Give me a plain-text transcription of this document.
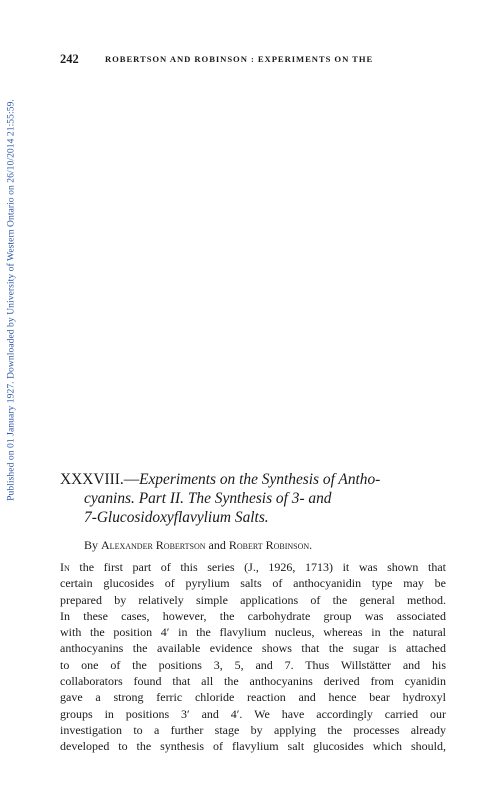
Published on 01 January 1927. Downloaded by University of Western Ontario on 26/10/2014 21:55:59.
242	ROBERTSON AND ROBINSON : EXPERIMENTS ON THE
XXXVIII.—Experiments on the Synthesis of Antho-
cyanins. Part II. The Synthesis of 3- and
7-Glucosidoxyflavylium Salts.
By Alexander Robertson and Robert Robinson.
In the first part of this series (J., 1926, 1713) it was shown that
certain glucosides of pyrylium salts of anthocyanidin type may be
prepared by relatively simple applications of the general method.
In these cases, however, the carbohydrate group was associated
with the position 4′ in the flavylium nucleus, whereas in the natural
anthocyanins the available evidence shows that the sugar is attached
to one of the positions 3, 5, and 7. Thus Willstätter and his
collaborators found that all the anthocyanins derived from cyanidin
gave a strong ferric chloride reaction and hence bear hydroxyl
groups in positions 3′ and 4′. We have accordingly carried our
investigation to a further stage by applying the processes already
developed to the synthesis of flavylium salt glucosides which should,
